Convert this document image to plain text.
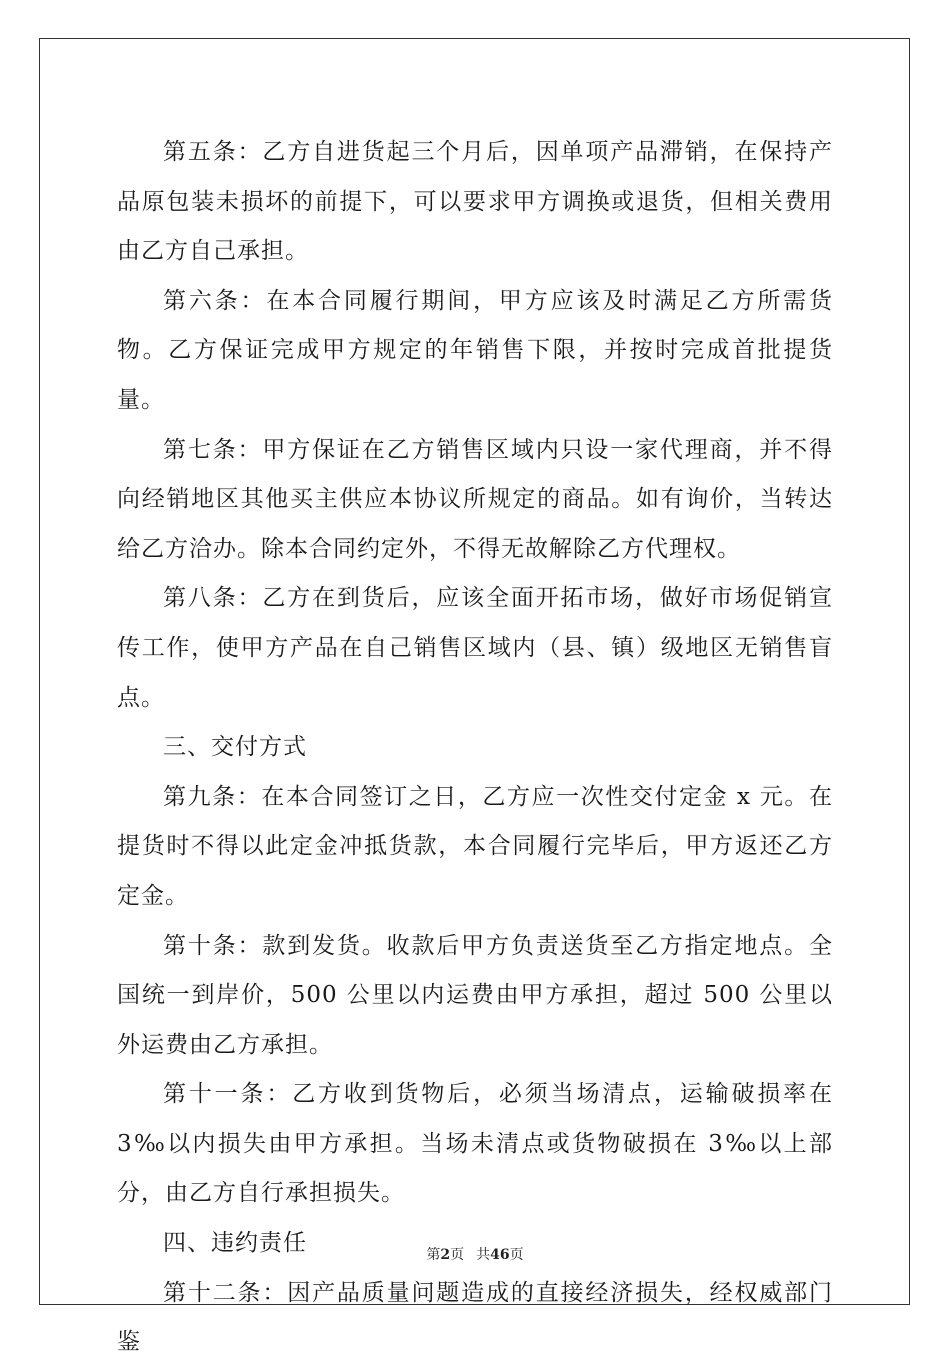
第五条：乙方自进货起三个月后，因单项产品滞销，在保持产品原包装未损坏的前提下，可以要求甲方调换或退货，但相关费用由乙方自己承担。

第六条：在本合同履行期间，甲方应该及时满足乙方所需货物。乙方保证完成甲方规定的年销售下限，并按时完成首批提货量。

第七条：甲方保证在乙方销售区域内只设一家代理商，并不得向经销地区其他买主供应本协议所规定的商品。如有询价，当转达给乙方洽办。除本合同约定外，不得无故解除乙方代理权。

第八条：乙方在到货后，应该全面开拓市场，做好市场促销宣传工作，使甲方产品在自己销售区域内（县、镇）级地区无销售盲点。

三、交付方式

第九条：在本合同签订之日，乙方应一次性交付定金 x 元。在提货时不得以此定金冲抵货款，本合同履行完毕后，甲方返还乙方定金。

第十条：款到发货。收款后甲方负责送货至乙方指定地点。全国统一到岸价，500 公里以内运费由甲方承担，超过 500 公里以外运费由乙方承担。

第十一条：乙方收到货物后，必须当场清点，运输破损率在 3‰以内损失由甲方承担。当场未清点或货物破损在 3‰以上部分，由乙方自行承担损失。

四、违约责任

第十二条：因产品质量问题造成的直接经济损失，经权威部门鉴

第2页 共46页
